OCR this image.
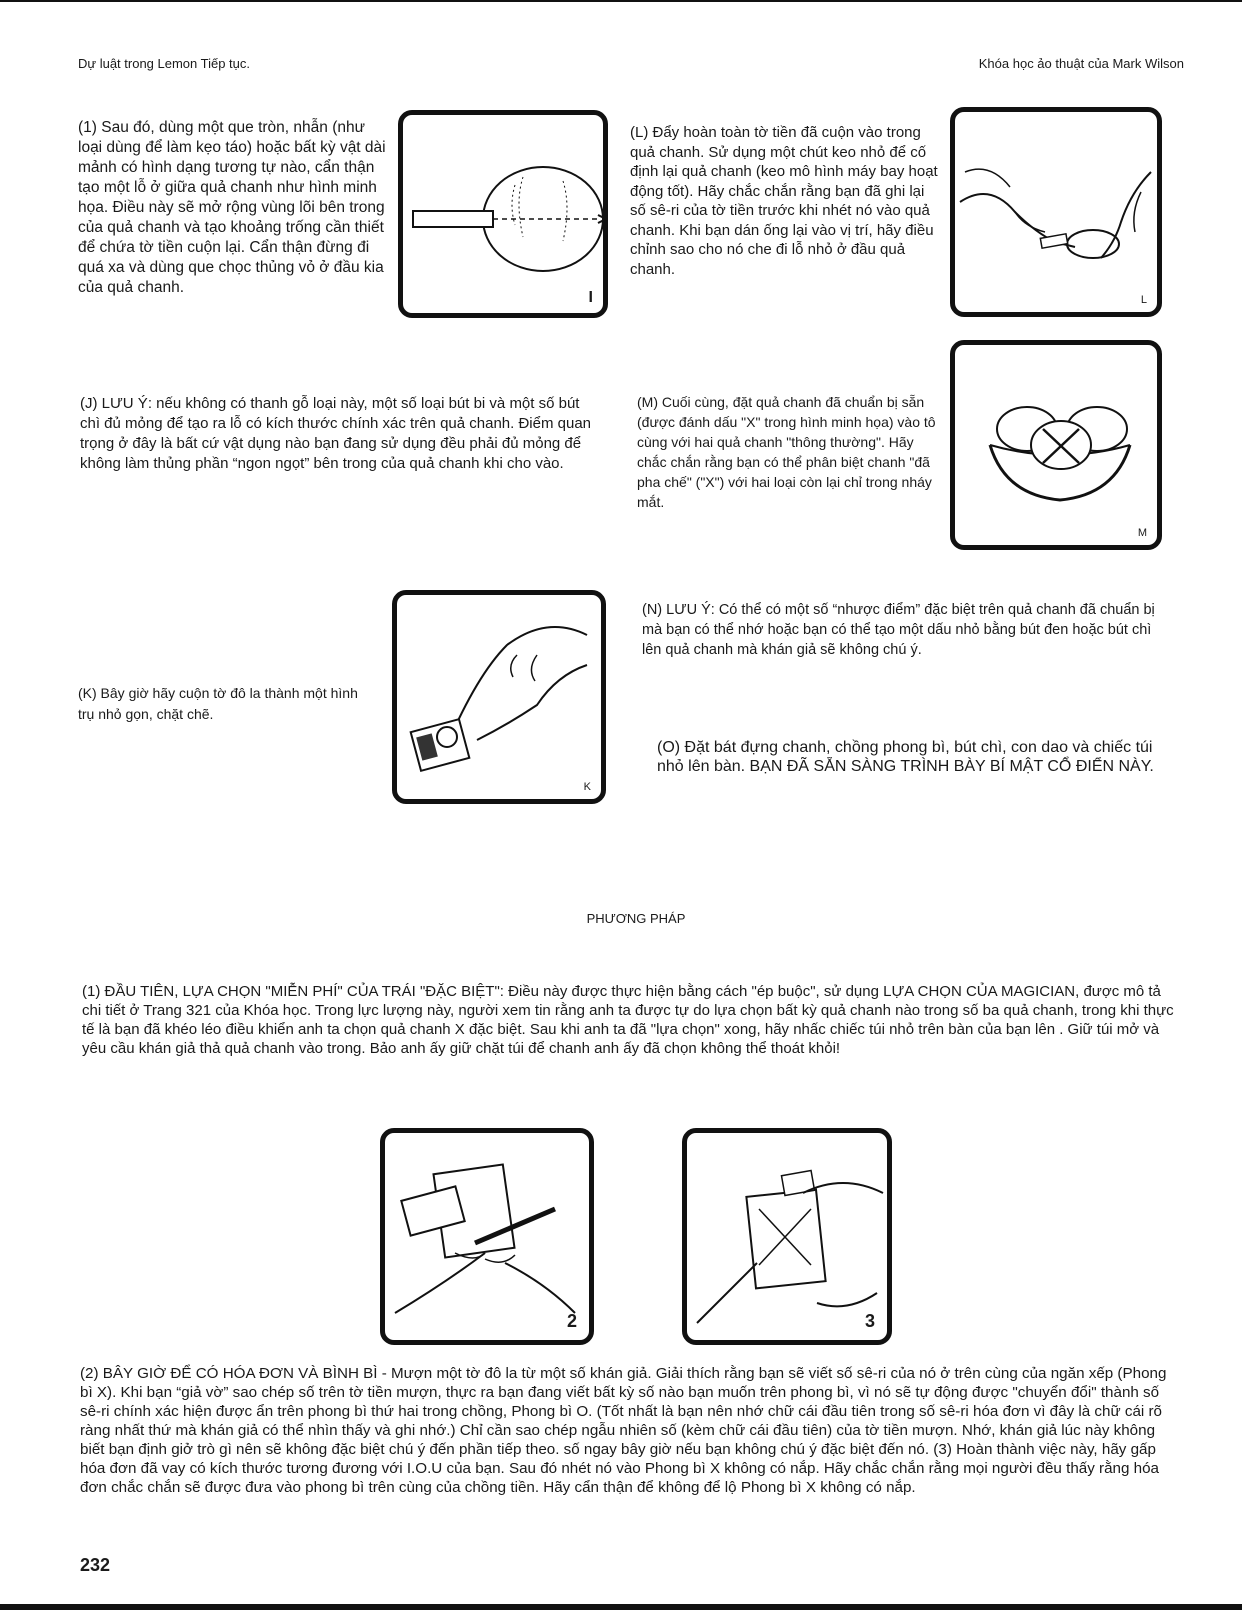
Dự luật trong Lemon Tiếp tục.	Khóa học ảo thuật của Mark Wilson
(1) Sau đó, dùng một que tròn, nhẫn (như loại dùng để làm kẹo táo) hoặc bất kỳ vật dài mảnh có hình dạng tương tự nào, cẩn thận tạo một lỗ ở giữa quả chanh như hình minh họa. Điều này sẽ mở rộng vùng lõi bên trong của quả chanh và tạo khoảng trống cần thiết để chứa tờ tiền cuộn lại. Cẩn thận đừng đi quá xa và dùng que chọc thủng vỏ ở đầu kia của quả chanh.
I
(L) Đẩy hoàn toàn tờ tiền đã cuộn vào trong quả chanh. Sử dụng một chút keo nhỏ để cố định lại quả chanh (keo mô hình máy bay hoạt động tốt). Hãy chắc chắn rằng bạn đã ghi lại số sê-ri của tờ tiền trước khi nhét nó vào quả chanh. Khi bạn dán ống lại vào vị trí, hãy điều chỉnh sao cho nó che đi lỗ nhỏ ở đầu quả chanh.
L
(J) LƯU Ý: nếu không có thanh gỗ loại này, một số loại bút bi và một số bút chì đủ mỏng để tạo ra lỗ có kích thước chính xác trên quả chanh. Điểm quan trọng ở đây là bất cứ vật dụng nào bạn đang sử dụng đều phải đủ mỏng để không làm thủng phần “ngon ngọt” bên trong của quả chanh khi cho vào.
(M) Cuối cùng, đặt quả chanh đã chuẩn bị sẵn (được đánh dấu "X" trong hình minh họa) vào tô cùng với hai quả chanh "thông thường". Hãy chắc chắn rằng bạn có thể phân biệt chanh "đã pha chế" ("X") với hai loại còn lại chỉ trong nháy mắt.
M
(K) Bây giờ hãy cuộn tờ đô la thành một hình trụ nhỏ gọn, chặt chẽ.
K
(N) LƯU Ý: Có thể có một số “nhược điểm” đặc biệt trên quả chanh đã chuẩn bị mà bạn có thể nhớ hoặc bạn có thể tạo một dấu nhỏ bằng bút đen hoặc bút chì lên quả chanh mà khán giả sẽ không chú ý.
(O) Đặt bát đựng chanh, chồng phong bì, bút chì, con dao và chiếc túi nhỏ lên bàn. BẠN ĐÃ SẴN SÀNG TRÌNH BÀY BÍ MẬT CỔ ĐIỂN NÀY.
PHƯƠNG PHÁP
(1) ĐẦU TIÊN, LỰA CHỌN "MIỄN PHÍ" CỦA TRÁI "ĐẶC BIỆT": Điều này được thực hiện bằng cách "ép buộc", sử dụng LỰA CHỌN CỦA MAGICIAN, được mô tả chi tiết ở Trang 321 của Khóa học. Trong lực lượng này, người xem tin rằng anh ta được tự do lựa chọn bất kỳ quả chanh nào trong số ba quả chanh, trong khi thực tế là bạn đã khéo léo điều khiển anh ta chọn quả chanh X đặc biệt. Sau khi anh ta đã "lựa chọn" xong, hãy nhấc chiếc túi nhỏ trên bàn của bạn lên . Giữ túi mở và yêu cầu khán giả thả quả chanh vào trong. Bảo anh ấy giữ chặt túi để chanh anh ấy đã chọn không thể thoát khỏi!
2	3
(2) BÂY GIỜ ĐỂ CÓ HÓA ĐƠN VÀ BÌNH BÌ - Mượn một tờ đô la từ một số khán giả. Giải thích rằng bạn sẽ viết số sê-ri của nó ở trên cùng của ngăn xếp (Phong bì X). Khi bạn “giả vờ” sao chép số trên tờ tiền mượn, thực ra bạn đang viết bất kỳ số nào bạn muốn trên phong bì, vì nó sẽ tự động được "chuyển đổi" thành số sê-ri chính xác hiện được ẩn trên phong bì thứ hai trong chồng, Phong bì O. (Tốt nhất là bạn nên nhớ chữ cái đầu tiên trong số sê-ri hóa đơn vì đây là chữ cái rõ ràng nhất thứ mà khán giả có thể nhìn thấy và ghi nhớ.) Chỉ cần sao chép ngẫu nhiên số (kèm chữ cái đầu tiên) của tờ tiền mượn. Nhớ, khán giả lúc này không biết bạn định giở trò gì nên sẽ không đặc biệt chú ý đến phần tiếp theo. số ngay bây giờ nếu bạn không chú ý đặc biệt đến nó. (3) Hoàn thành việc này, hãy gấp hóa đơn đã vay có kích thước tương đương với I.O.U của bạn. Sau đó nhét nó vào Phong bì X không có nắp. Hãy chắc chắn rằng mọi người đều thấy rằng hóa đơn chắc chắn sẽ được đưa vào phong bì trên cùng của chồng tiền. Hãy cẩn thận để không để lộ Phong bì X không có nắp.
232
